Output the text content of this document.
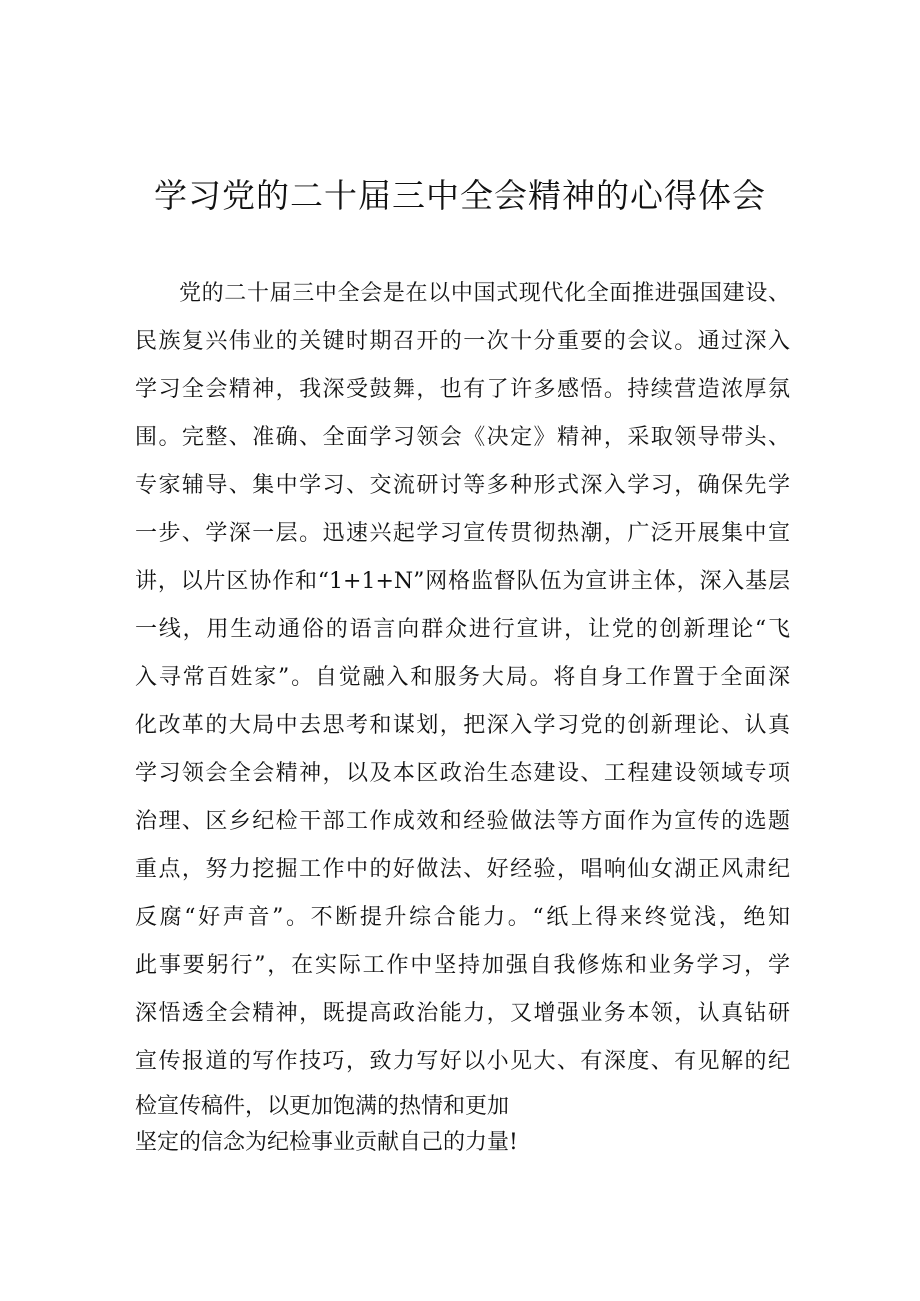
学习党的二十届三中全会精神的心得体会
党的二十届三中全会是在以中国式现代化全面推进强国建设、
民族复兴伟业的关键时期召开的一次十分重要的会议。通过深入
学习全会精神，我深受鼓舞，也有了许多感悟。持续营造浓厚氛
围。完整、准确、全面学习领会《决定》精神，采取领导带头、
专家辅导、集中学习、交流研讨等多种形式深入学习，确保先学
一步、学深一层。迅速兴起学习宣传贯彻热潮，广泛开展集中宣
讲，以片区协作和“1+1+N”网格监督队伍为宣讲主体，深入基层
一线，用生动通俗的语言向群众进行宣讲，让党的创新理论“飞
入寻常百姓家”。自觉融入和服务大局。将自身工作置于全面深
化改革的大局中去思考和谋划，把深入学习党的创新理论、认真
学习领会全会精神，以及本区政治生态建设、工程建设领域专项
治理、区乡纪检干部工作成效和经验做法等方面作为宣传的选题
重点，努力挖掘工作中的好做法、好经验，唱响仙女湖正风肃纪
反腐“好声音”。不断提升综合能力。“纸上得来终觉浅，绝知
此事要躬行”，在实际工作中坚持加强自我修炼和业务学习，学
深悟透全会精神，既提高政治能力，又增强业务本领，认真钻研
宣传报道的写作技巧，致力写好以小见大、有深度、有见解的纪
检宣传稿件，以更加饱满的热情和更加
坚定的信念为纪检事业贡献自己的力量!
